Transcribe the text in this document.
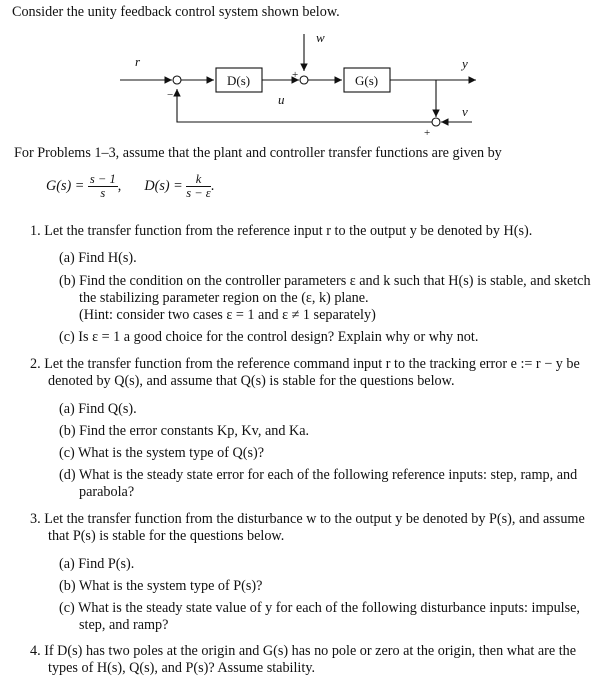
Consider the unity feedback control system shown below.
−
+
+
r
w
y
u
v
D(s)	G(s)
For Problems 1–3, assume that the plant and controller transfer functions are given by
$G(s) = \frac{s - 1}{s}$ , $D(s) = \frac{k}{s - \varepsilon}$ .
1. Let the transfer function from the reference input r to the output y be denoted by H(s).
(a) Find H(s).
(b) Find the condition on the controller parameters ε and k such that H(s) is stable, and sketch the stabilizing parameter region on the (ε, k) plane.
(Hint: consider two cases ε = 1 and ε ≠ 1 separately)
(c) Is ε = 1 a good choice for the control design? Explain why or why not.
2. Let the transfer function from the reference command input r to the tracking error e := r − y be denoted by Q(s), and assume that Q(s) is stable for the questions below.
(a) Find Q(s).
(b) Find the error constants Kp, Kv, and Ka.
(c) What is the system type of Q(s)?
(d) What is the steady state error for each of the following reference inputs: step, ramp, and parabola?
3. Let the transfer function from the disturbance w to the output y be denoted by P(s), and assume that P(s) is stable for the questions below.
(a) Find P(s).
(b) What is the system type of P(s)?
(c) What is the steady state value of y for each of the following disturbance inputs: impulse, step, and ramp?
4. If D(s) has two poles at the origin and G(s) has no pole or zero at the origin, then what are the types of H(s), Q(s), and P(s)? Assume stability.
